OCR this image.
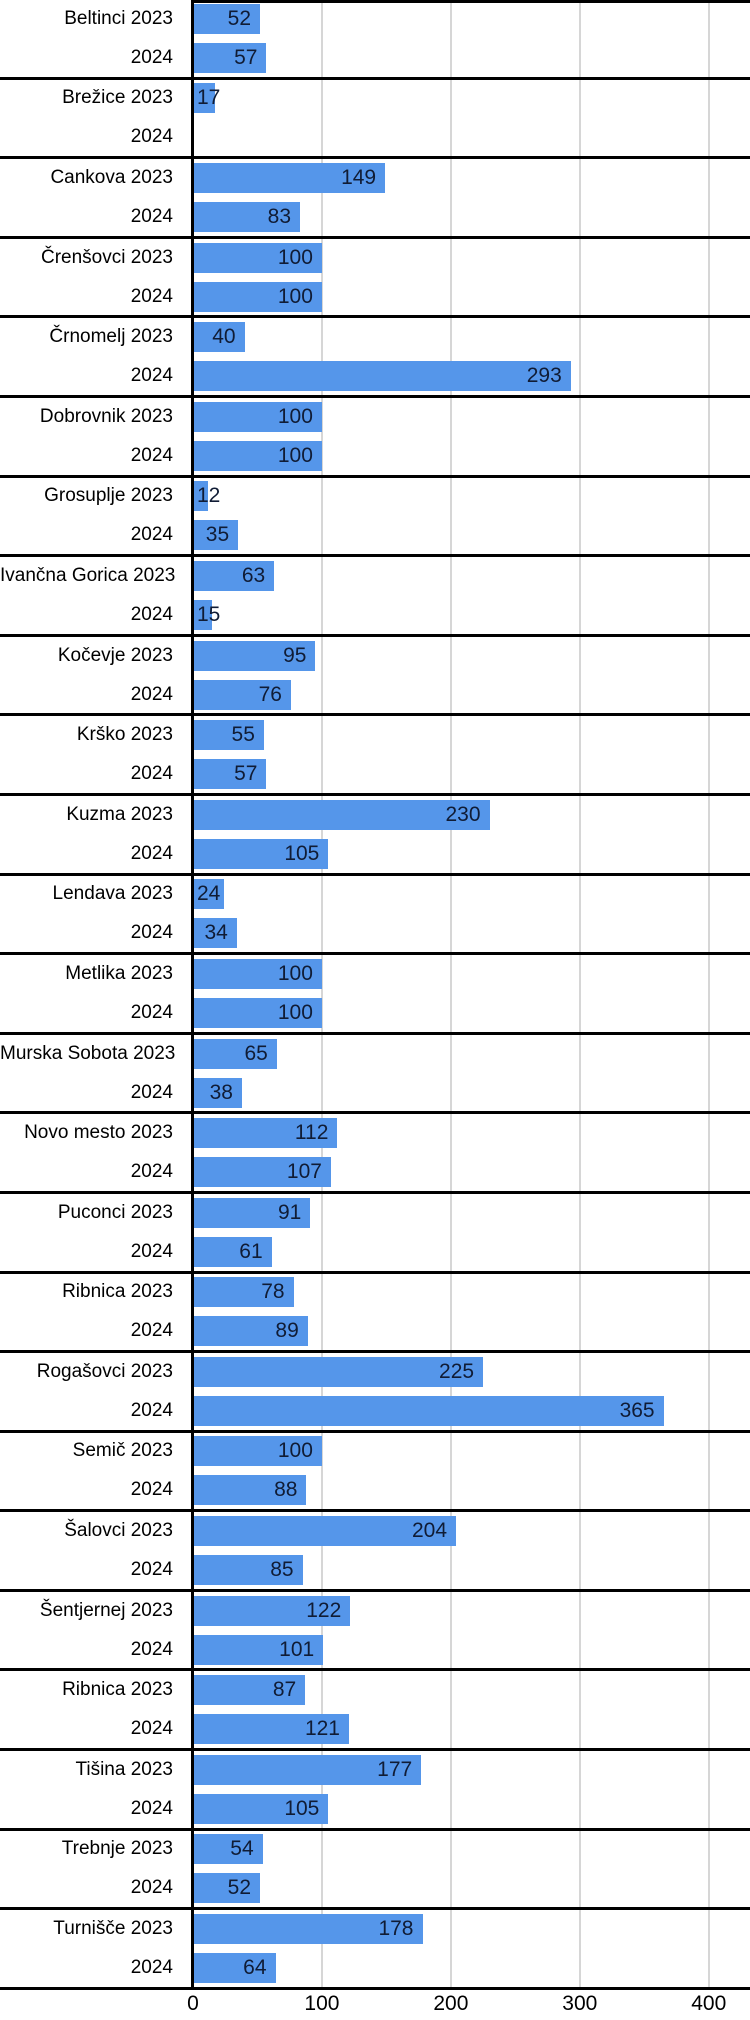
Beltinci 2023	52
2024	57
Brežice 2023	17
2024
Cankova 2023	149
2024	83
Črenšovci 2023	100
2024	100
Črnomelj 2023	40
2024	293
Dobrovnik 2023	100
2024	100
Grosuplje 2023	12
2024	35
Ivančna Gorica 2023	63
2024	15
Kočevje 2023	95
2024	76
Krško 2023	55
2024	57
Kuzma 2023	230
2024	105
Lendava 2023	24
2024	34
Metlika 2023	100
2024	100
Murska Sobota 2023	65
2024	38
Novo mesto 2023	112
2024	107
Puconci 2023	91
2024	61
Ribnica 2023	78
2024	89
Rogašovci 2023	225
2024	365
Semič 2023	100
2024	88
Šalovci 2023	204
2024	85
Šentjernej 2023	122
2024	101
Ribnica 2023	87
2024	121
Tišina 2023	177
2024	105
Trebnje 2023	54
2024	52
Turnišče 2023	178
2024	64
0	100	200	300	400
